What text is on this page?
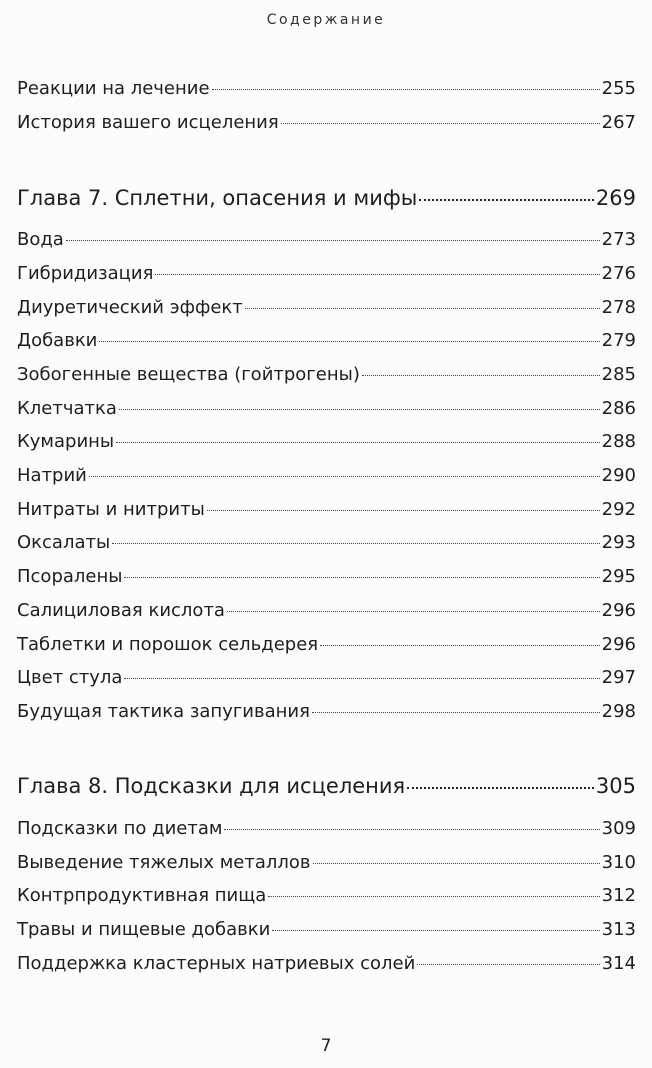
Содержание
Реакции на лечение	255
История вашего исцеления	267
Глава 7. Сплетни, опасения и мифы	269
Вода	273
Гибридизация	276
Диуретический эффект	278
Добавки	279
Зобогенные вещества (гойтрогены)	285
Клетчатка	286
Кумарины	288
Натрий	290
Нитраты и нитриты	292
Оксалаты	293
Псоралены	295
Салициловая кислота	296
Таблетки и порошок сельдерея	296
Цвет стула	297
Будущая тактика запугивания	298
Глава 8. Подсказки для исцеления	305
Подсказки по диетам	309
Выведение тяжелых металлов	310
Контрпродуктивная пища	312
Травы и пищевые добавки	313
Поддержка кластерных натриевых солей	314
7
